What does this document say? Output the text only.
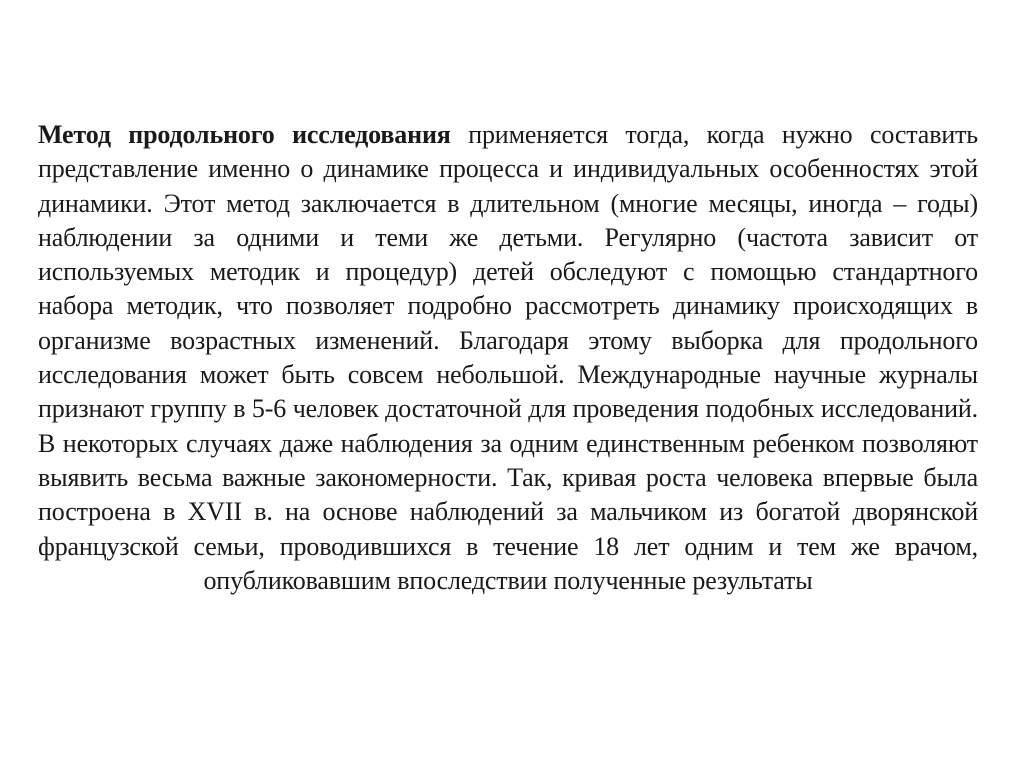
Метод продольного исследования применяется тогда, когда нужно составить представление именно о динамике процесса и индивидуальных особенностях этой динамики. Этот метод заключается в длительном (многие месяцы, иногда – годы) наблюдении за одними и теми же детьми. Регулярно (частота зависит от используемых методик и процедур) детей обследуют с помощью стандартного набора методик, что позволяет подробно рассмотреть динамику происходящих в организме возрастных изменений. Благодаря этому выборка для продольного исследования может быть совсем небольшой. Международные научные журналы признают группу в 5-6 человек достаточной для проведения подобных исследований. В некоторых случаях даже наблюдения за одним единственным ребенком позволяют выявить весьма важные закономерности. Так, кривая роста человека впервые была построена в XVII в. на основе наблюдений за мальчиком из богатой дворянской французской семьи, проводившихся в течение 18 лет одним и тем же врачом, опубликовавшим впоследствии полученные результаты
